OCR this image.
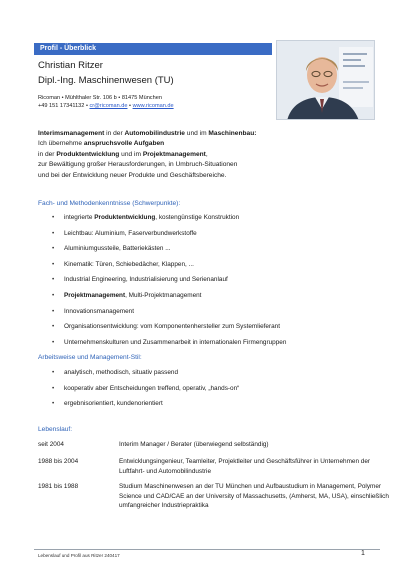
Profil - Überblick
Christian Ritzer
Dipl.-Ing. Maschinenwesen (TU)
Ricoman • Mühlthaler Str. 106 b • 81475 München
+49 151 17341132 • cr@ricoman.de • www.ricoman.de
Interimsmanagement in der Automobilindustrie und im Maschinenbau:
Ich übernehme anspruchsvolle Aufgaben
in der Produktentwicklung und im Projektmanagement,
zur Bewältigung großer Herausforderungen, in Umbruch-Situationen
und bei der Entwicklung neuer Produkte und Geschäftsbereiche.
Fach- und Methodenkenntnisse (Schwerpunkte):
• integrierte Produktentwicklung, kostengünstige Konstruktion
• Leichtbau: Aluminium, Faserverbundwerkstoffe
• Aluminiumgussteile, Batteriekästen ...
• Kinematik: Türen, Schiebedächer, Klappen, ...
• Industrial Engineering, Industrialisierung und Serienanlauf
• Projektmanagement, Multi-Projektmanagement
• Innovationsmanagement
• Organisationsentwicklung: vom Komponentenhersteller zum Systemlieferant
• Unternehmenskulturen und Zusammenarbeit in internationalen Firmengruppen
Arbeitsweise und Management-Stil:
• analytisch, methodisch, situativ passend
• kooperativ aber Entscheidungen treffend, operativ, „hands-on“
• ergebnisorientiert, kundenorientiert
Lebenslauf:
seit 2004	Interim Manager / Berater (überwiegend selbständig)
1988 bis 2004	Entwicklungsingenieur, Teamleiter, Projektleiter und Geschäftsführer in Unternehmen der Luftfahrt- und Automobilindustrie
1981 bis 1988	Studium Maschinenwesen an der TU München und Aufbaustudium in Management, Polymer Science und CAD/CAE an der University of Massachusetts, (Amherst, MA, USA), einschließlich umfangreicher Industriepraktika
Lebenslauf und Profil aus Ritzer 240417	1
